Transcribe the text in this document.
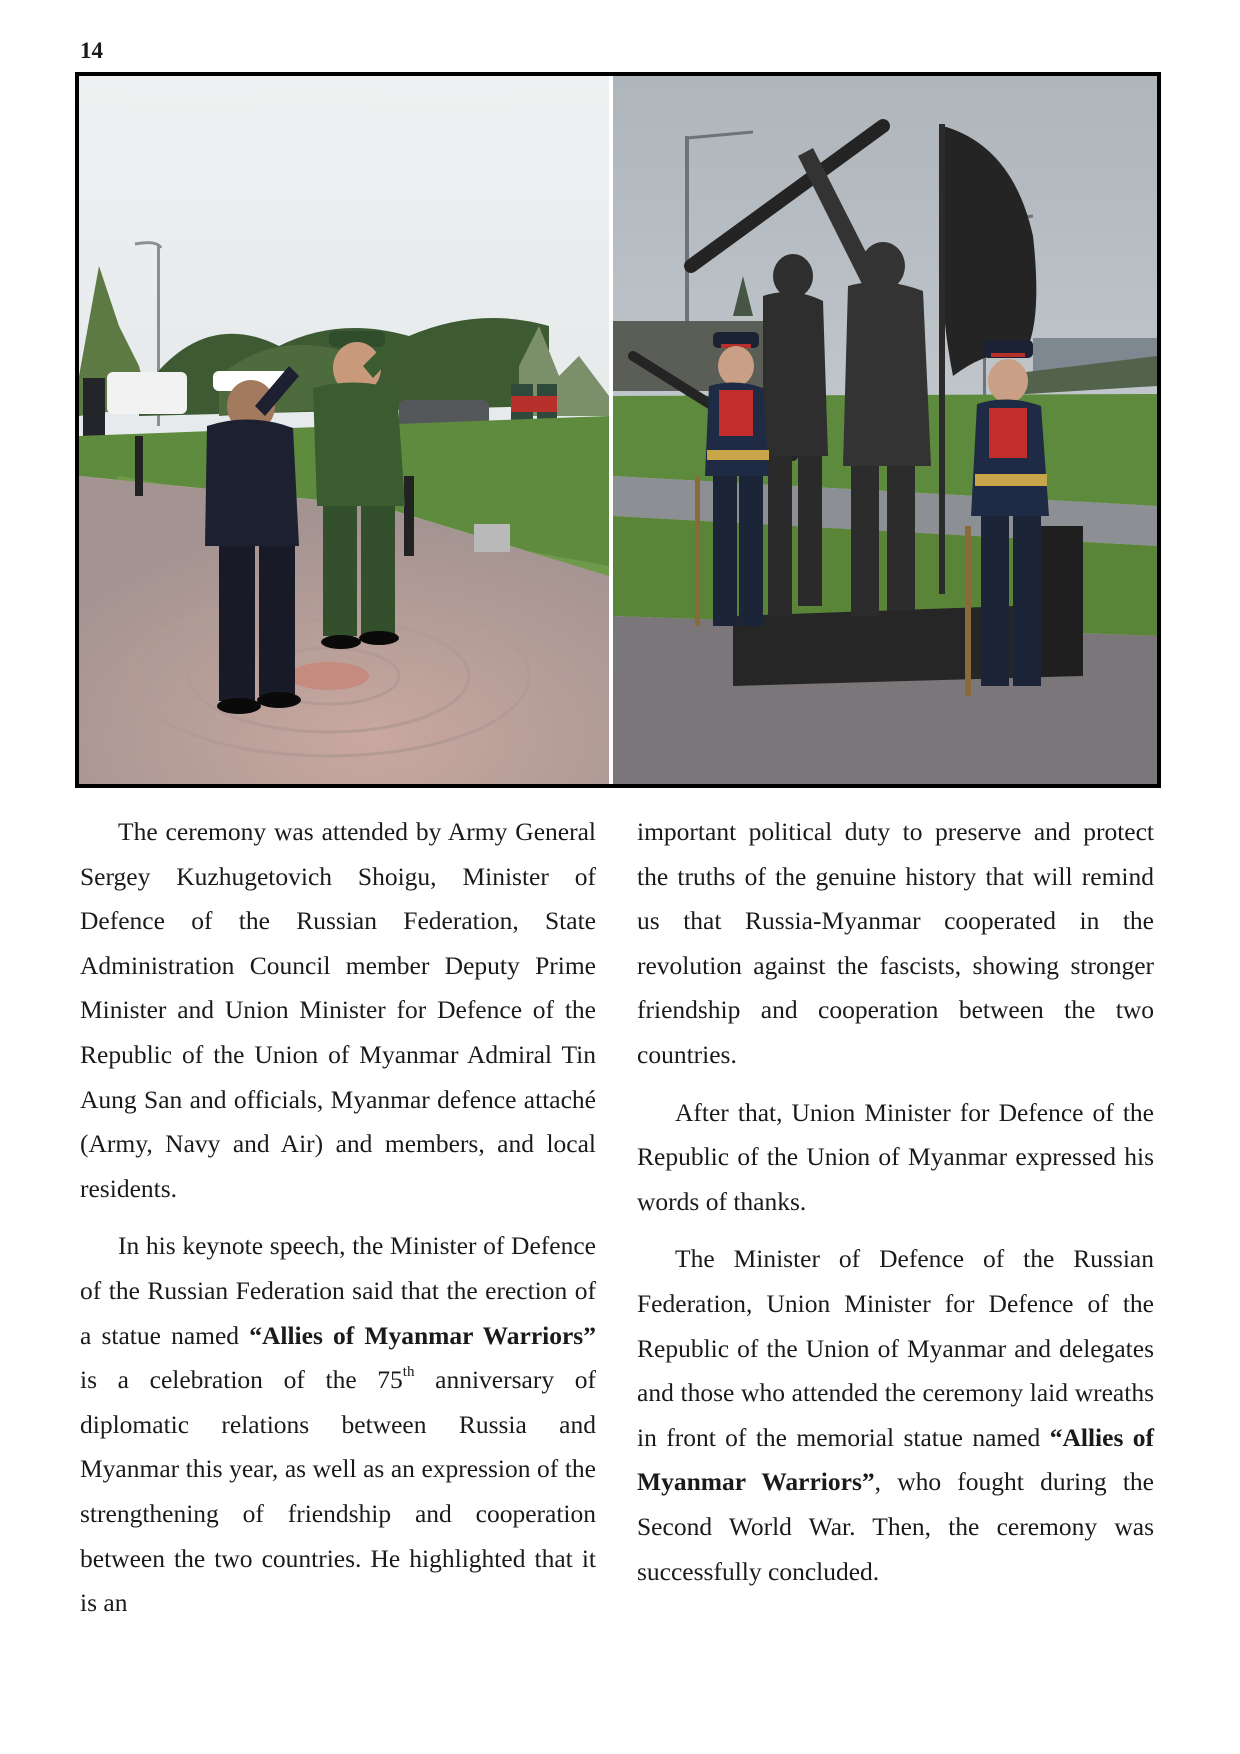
14

The ceremony was attended by Army General Sergey Kuzhugetovich Shoigu, Minister of Defence of the Russian Federation, State Administration Council member Deputy Prime Minister and Union Minister for Defence of the Republic of the Union of Myanmar Admiral Tin Aung San and officials, Myanmar defence attaché (Army, Navy and Air) and members, and local residents.

In his keynote speech, the Minister of Defence of the Russian Federation said that the erection of a statue named “Allies of Myanmar Warriors” is a celebration of the 75th anniversary of diplomatic relations between Russia and Myanmar this year, as well as an expression of the strengthening of friendship and cooperation between the two countries. He highlighted that it is an

important political duty to preserve and protect the truths of the genuine history that will remind us that Russia-Myanmar cooperated in the revolution against the fascists, showing stronger friendship and cooperation between the two countries.

After that, Union Minister for Defence of the Republic of the Union of Myanmar expressed his words of thanks.

The Minister of Defence of the Russian Federation, Union Minister for Defence of the Republic of the Union of Myanmar and delegates and those who attended the ceremony laid wreaths in front of the memorial statue named “Allies of Myanmar Warriors”, who fought during the Second World War. Then, the ceremony was successfully concluded.
